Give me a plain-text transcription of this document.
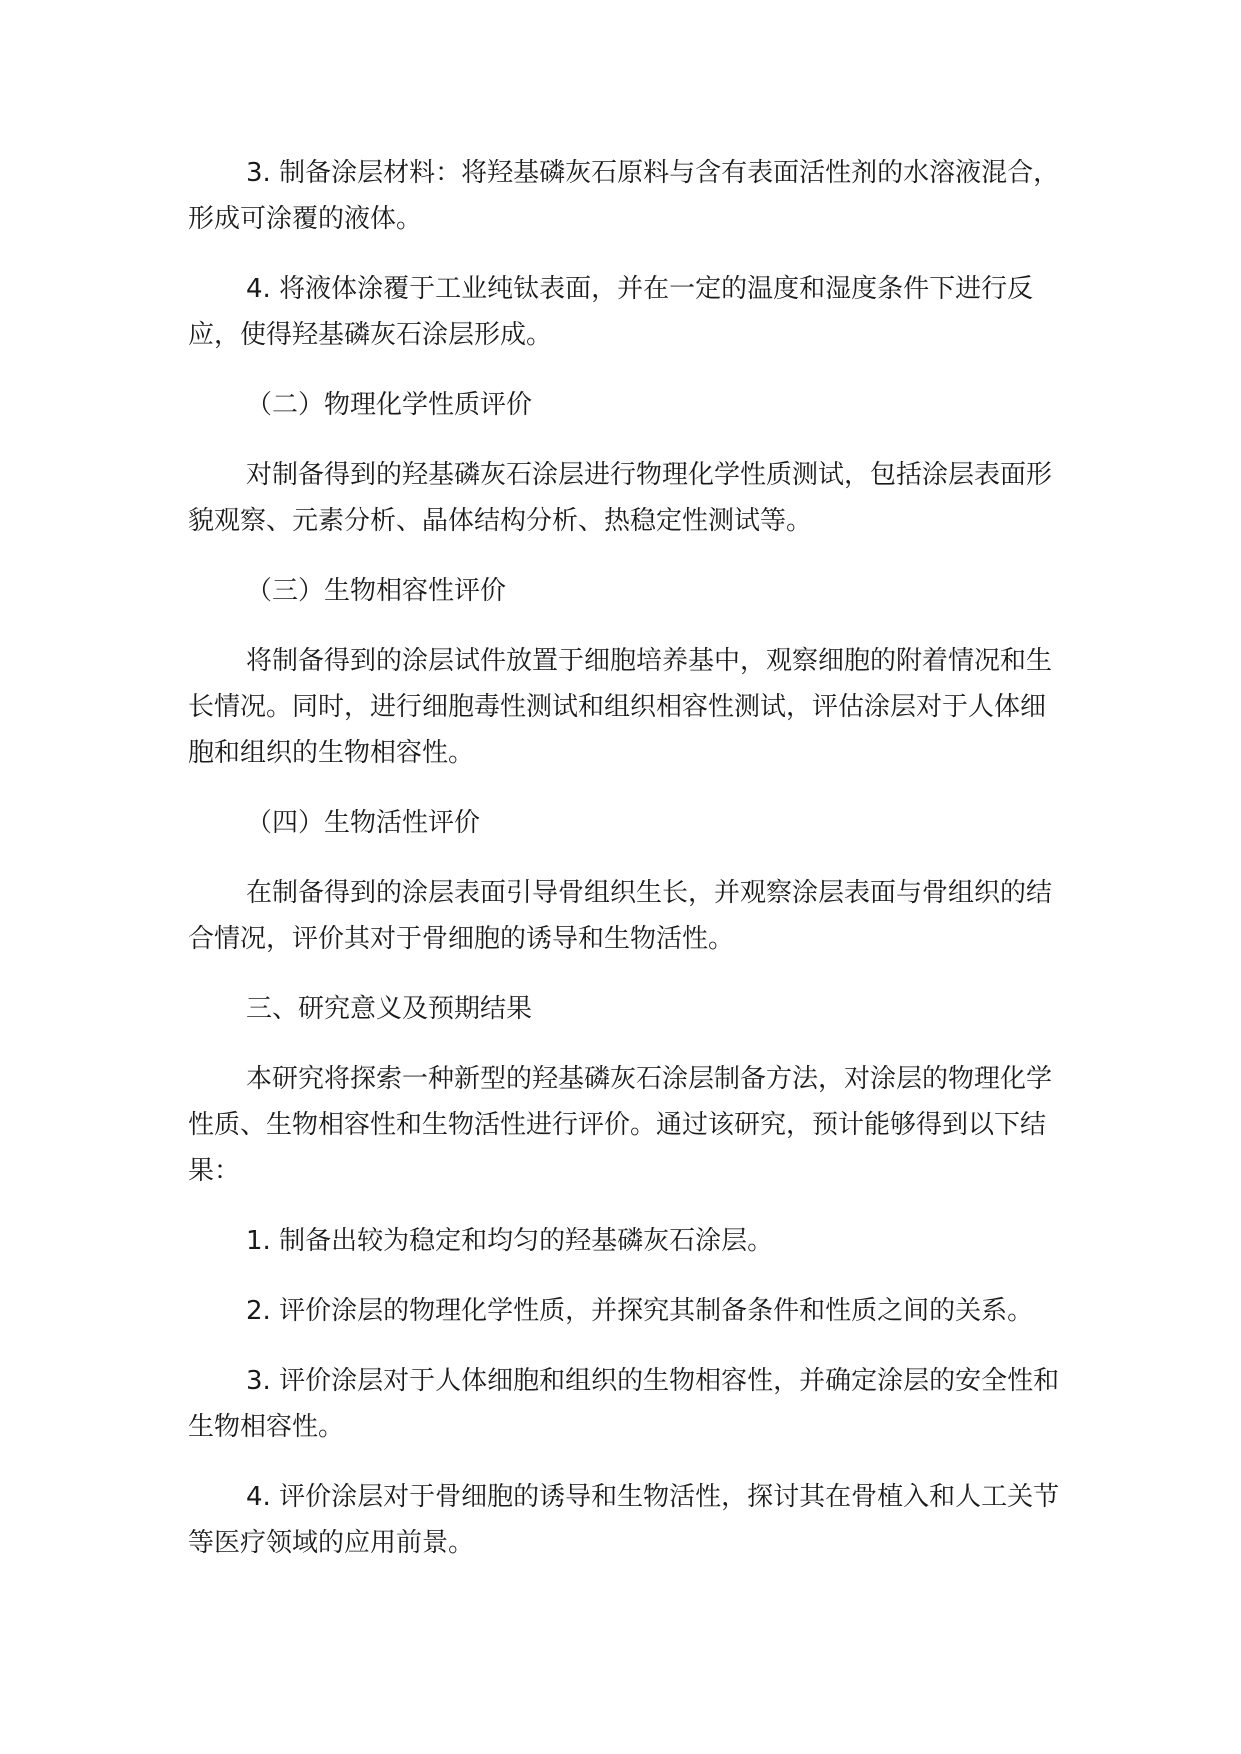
3. 制备涂层材料：将羟基磷灰石原料与含有表面活性剂的水溶液混合，形成可涂覆的液体。

4. 将液体涂覆于工业纯钛表面，并在一定的温度和湿度条件下进行反应，使得羟基磷灰石涂层形成。

（二）物理化学性质评价

对制备得到的羟基磷灰石涂层进行物理化学性质测试，包括涂层表面形貌观察、元素分析、晶体结构分析、热稳定性测试等。

（三）生物相容性评价

将制备得到的涂层试件放置于细胞培养基中，观察细胞的附着情况和生长情况。同时，进行细胞毒性测试和组织相容性测试，评估涂层对于人体细胞和组织的生物相容性。

（四）生物活性评价

在制备得到的涂层表面引导骨组织生长，并观察涂层表面与骨组织的结合情况，评价其对于骨细胞的诱导和生物活性。

三、研究意义及预期结果

本研究将探索一种新型的羟基磷灰石涂层制备方法，对涂层的物理化学性质、生物相容性和生物活性进行评价。通过该研究，预计能够得到以下结果：

1. 制备出较为稳定和均匀的羟基磷灰石涂层。

2. 评价涂层的物理化学性质，并探究其制备条件和性质之间的关系。

3. 评价涂层对于人体细胞和组织的生物相容性，并确定涂层的安全性和生物相容性。

4. 评价涂层对于骨细胞的诱导和生物活性，探讨其在骨植入和人工关节等医疗领域的应用前景。
